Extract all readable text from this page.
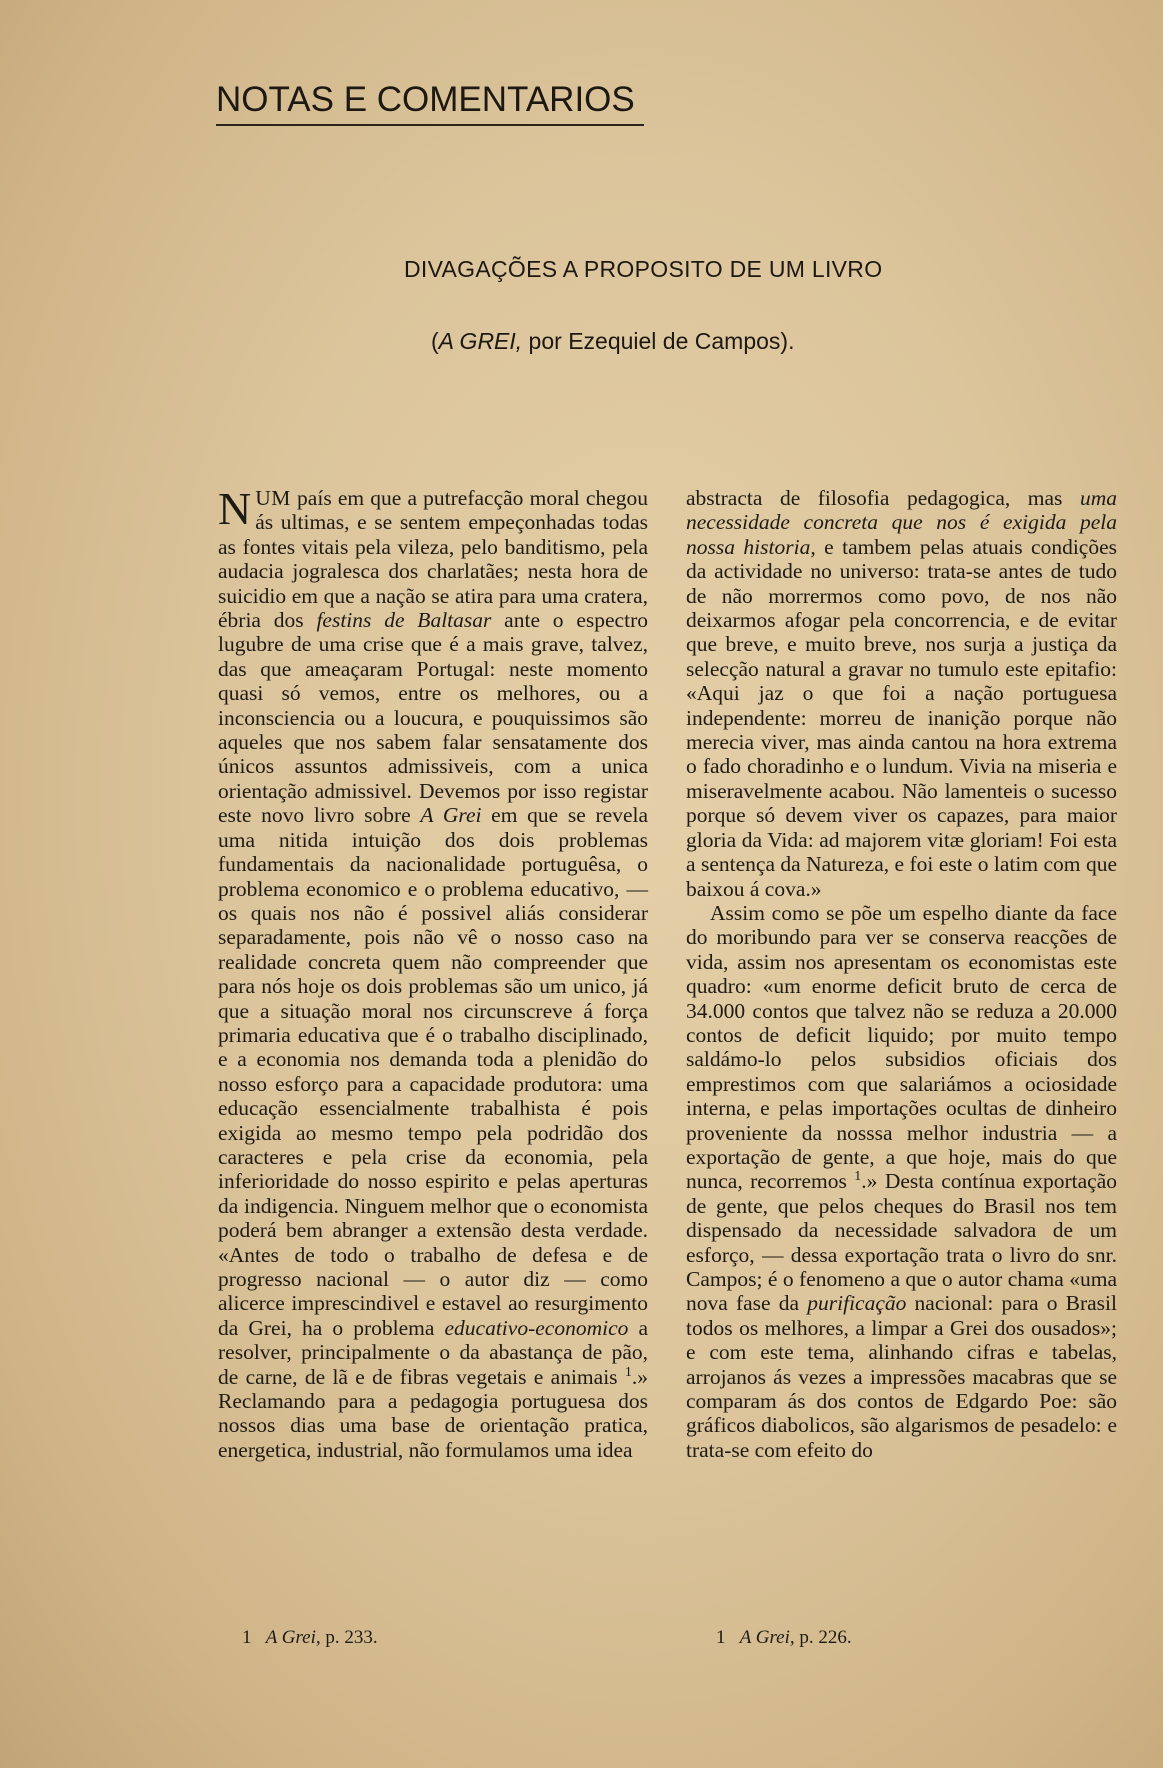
NOTAS E COMENTARIOS
DIVAGAÇÕES A PROPOSITO DE UM LIVRO
(A GREI, por Ezequiel de Campos).

NUM país em que a putrefacção moral chegou ás ultimas, e se sentem empeçonhadas todas as fontes vitais pela vileza, pelo banditismo, pela audacia jogralesca dos charlatães; nesta hora de suicidio em que a nação se atira para uma cratera, ébria dos festins de Baltasar ante o espectro lugubre de uma crise que é a mais grave, talvez, das que ameaçaram Portugal: neste momento quasi só vemos, entre os melhores, ou a inconsciencia ou a loucura, e pouquissimos são aqueles que nos sabem falar sensatamente dos únicos assuntos admissiveis, com a unica orientação admissivel. Devemos por isso registar este novo livro sobre A Grei em que se revela uma nitida intuição dos dois problemas fundamentais da nacionalidade portuguêsa, o problema economico e o problema educativo, — os quais nos não é possivel aliás considerar separadamente, pois não vê o nosso caso na realidade concreta quem não compreender que para nós hoje os dois problemas são um unico, já que a situação moral nos circunscreve á força primaria educativa que é o trabalho disciplinado, e a economia nos demanda toda a plenidão do nosso esforço para a capacidade produtora: uma educação essencialmente trabalhista é pois exigida ao mesmo tempo pela podridão dos caracteres e pela crise da economia, pela inferioridade do nosso espirito e pelas aperturas da indigencia. Ninguem melhor que o economista poderá bem abranger a extensão desta verdade. «Antes de todo o trabalho de defesa e de progresso nacional — o autor diz — como alicerce imprescindivel e estavel ao resurgimento da Grei, ha o problema educativo-economico a resolver, principalmente o da abastança de pão, de carne, de lã e de fibras vegetais e animais $^1$.» Reclamando para a pedagogia portuguesa dos nossos dias uma base de orientação pratica, energetica, industrial, não formulamos uma idea

abstracta de filosofia pedagogica, mas uma necessidade concreta que nos é exigida pela nossa historia, e tambem pelas atuais condições da actividade no universo: trata-se antes de tudo de não morrermos como povo, de nos não deixarmos afogar pela concorrencia, e de evitar que breve, e muito breve, nos surja a justiça da selecção natural a gravar no tumulo este epitafio: «Aqui jaz o que foi a nação portuguesa independente: morreu de inanição porque não merecia viver, mas ainda cantou na hora extrema o fado choradinho e o lundum. Vivia na miseria e miseravelmente acabou. Não lamenteis o sucesso porque só devem viver os capazes, para maior gloria da Vida: ad majorem vitæ gloriam! Foi esta a sentença da Natureza, e foi este o latim com que baixou á cova.»

Assim como se põe um espelho diante da face do moribundo para ver se conserva reacções de vida, assim nos apresentam os economistas este quadro: «um enorme deficit bruto de cerca de 34.000 contos que talvez não se reduza a 20.000 contos de deficit liquido; por muito tempo saldámo-lo pelos subsidios oficiais dos emprestimos com que salariámos a ociosidade interna, e pelas importações ocultas de dinheiro proveniente da nosssa melhor industria — a exportação de gente, a que hoje, mais do que nunca, recorremos $^1$.» Desta contínua exportação de gente, que pelos cheques do Brasil nos tem dispensado da necessidade salvadora de um esforço, — dessa exportação trata o livro do snr. Campos; é o fenomeno a que o autor chama «uma nova fase da purificação nacional: para o Brasil todos os melhores, a limpar a Grei dos ousados»; e com este tema, alinhando cifras e tabelas, arrojanos ás vezes a impressões macabras que se comparam ás dos contos de Edgardo Poe: são gráficos diabolicos, são algarismos de pesadelo: e trata-se com efeito do

1 A Grei, p. 233.	1 A Grei, p. 226.
